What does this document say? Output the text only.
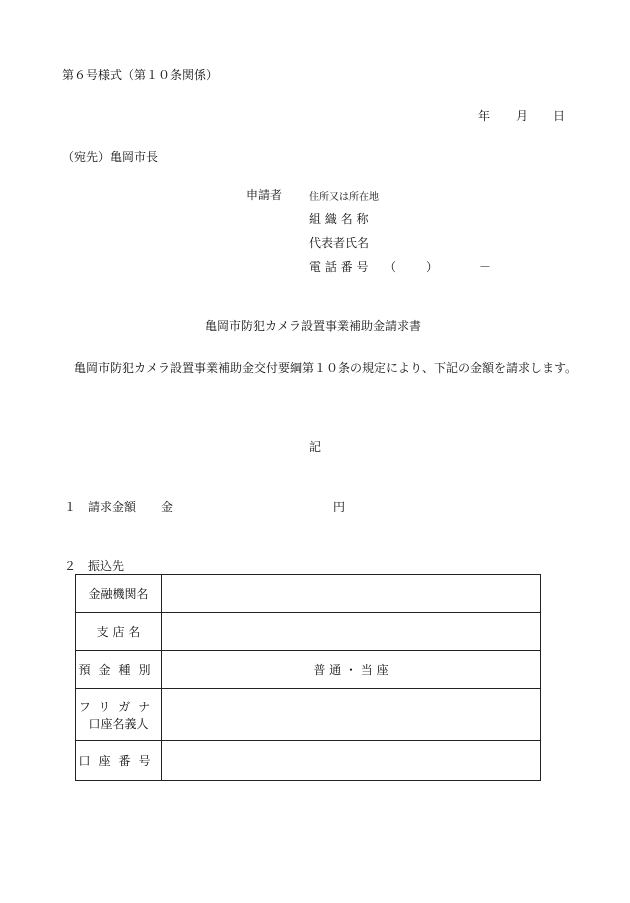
第６号様式（第１０条関係）
年 月 日
（宛先）亀岡市長
申請者	住所又は所在地
組 織 名 称
代表者氏名
電 話 番 号 （ ）	－
亀岡市防犯カメラ設置事業補助金請求書
亀岡市防犯カメラ設置事業補助金交付要綱第１０条の規定により、下記の金額を請求します。
記
１ 請求金額 金	円
２ 振込先
金融機関名	
支 店 名	
預金種別	普 通 ・ 当 座

フリガナ
口座名義人	

口座番号	
